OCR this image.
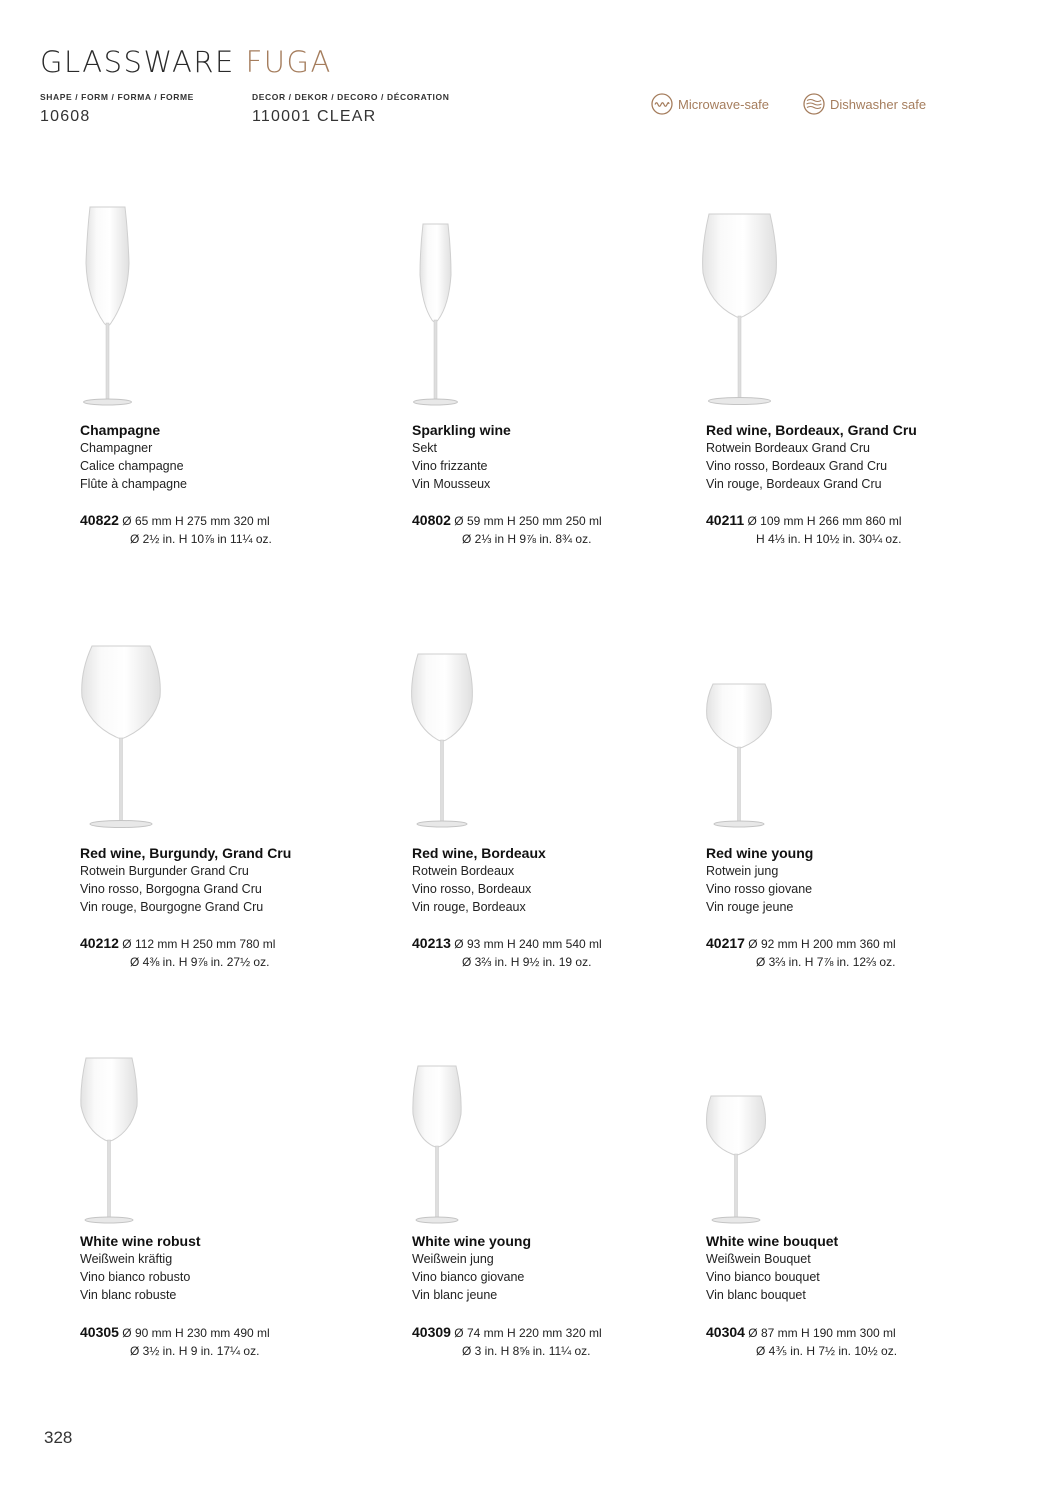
GLASSWARE FUGA
SHAPE / FORM / FORMA / FORME
10608
DECOR / DEKOR / DECORO / DÉCORATION
110001 CLEAR
Microwave-safe	Dishwasher safe
Champagne
Champagner
Calice champagne
Flûte à champagne
40822 Ø 65 mm H 275 mm 320 ml
Ø 2½ in. H 10⅞ in 11¼ oz.
Sparkling wine
Sekt
Vino frizzante
Vin Mousseux
40802 Ø 59 mm H 250 mm 250 ml
Ø 2⅓ in H 9⅞ in. 8¾ oz.
Red wine, Bordeaux, Grand Cru
Rotwein Bordeaux Grand Cru
Vino rosso, Bordeaux Grand Cru
Vin rouge, Bordeaux Grand Cru
40211 Ø 109 mm H 266 mm 860 ml
H 4⅓ in. H 10½ in. 30¼ oz.
Red wine, Burgundy, Grand Cru
Rotwein Burgunder Grand Cru
Vino rosso, Borgogna Grand Cru
Vin rouge, Bourgogne Grand Cru
40212 Ø 112 mm H 250 mm 780 ml
Ø 4⅜ in. H 9⅞ in. 27½ oz.
Red wine, Bordeaux
Rotwein Bordeaux
Vino rosso, Bordeaux
Vin rouge, Bordeaux
40213 Ø 93 mm H 240 mm 540 ml
Ø 3⅔ in. H 9½ in. 19 oz.
Red wine young
Rotwein jung
Vino rosso giovane
Vin rouge jeune
40217 Ø 92 mm H 200 mm 360 ml
Ø 3⅔ in. H 7⅞ in. 12⅔ oz.
White wine robust
Weißwein kräftig
Vino bianco robusto
Vin blanc robuste
40305 Ø 90 mm H 230 mm 490 ml
Ø 3½ in. H 9 in. 17¼ oz.
White wine young
Weißwein jung
Vino bianco giovane
Vin blanc jeune
40309 Ø 74 mm H 220 mm 320 ml
Ø 3 in. H 8⅝ in. 11¼ oz.
White wine bouquet
Weißwein Bouquet
Vino bianco bouquet
Vin blanc bouquet
40304 Ø 87 mm H 190 mm 300 ml
Ø 4⅗ in. H 7½ in. 10½ oz.
328
